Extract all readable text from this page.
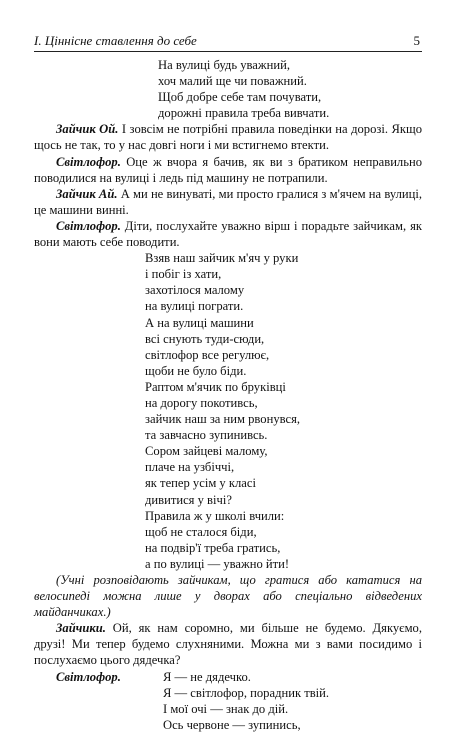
І. Ціннісне ставлення до себе	5
На вулиці будь уважний,
хоч малий ще чи поважний.
Щоб добре себе там почувати,
дорожні правила треба вивчати.

Зайчик Ой. І зовсім не потрібні правила поведінки на дорозі. Якщо щось не так, то у нас довгі ноги і ми встигнемо втекти.

Світлофор. Оце ж вчора я бачив, як ви з братиком неправильно поводилися на вулиці і ледь під машину не потрапили.

Зайчик Ай. А ми не винуваті, ми просто гралися з м'ячем на вулиці, це машини винні.

Світлофор. Діти, послухайте уважно вірш і порадьте зайчикам, як вони мають себе поводити.

Взяв наш зайчик м'яч у руки
і побіг із хати,
захотілося малому
на вулиці пограти.
А на вулиці машини
всі снують туди-сюди,
світлофор все регулює,
щоби не було біди.
Раптом м'ячик по бруківці
на дорогу покотивсь,
зайчик наш за ним рвонувся,
та завчасно зупинивсь.
Сором зайцеві малому,
плаче на узбіччі,
як тепер усім у класі
дивитися у вічі?
Правила ж у школі вчили:
щоб не сталося біди,
на подвір'ї треба гратись,
а по вулиці — уважно йти!

(Учні розповідають зайчикам, що гратися або кататися на велосипеді можна лише у дворах або спеціально відведених майданчиках.)

Зайчики. Ой, як нам соромно, ми більше не будемо. Дякуємо, друзі! Ми тепер будемо слухняними. Можна ми з вами посидимо і послухаємо цього дядечка?

Світлофор.	Я — не дядечко.
Я — світлофор, порадник твій.
І мої очі — знак до дій.
Ось червоне — зупинись,
